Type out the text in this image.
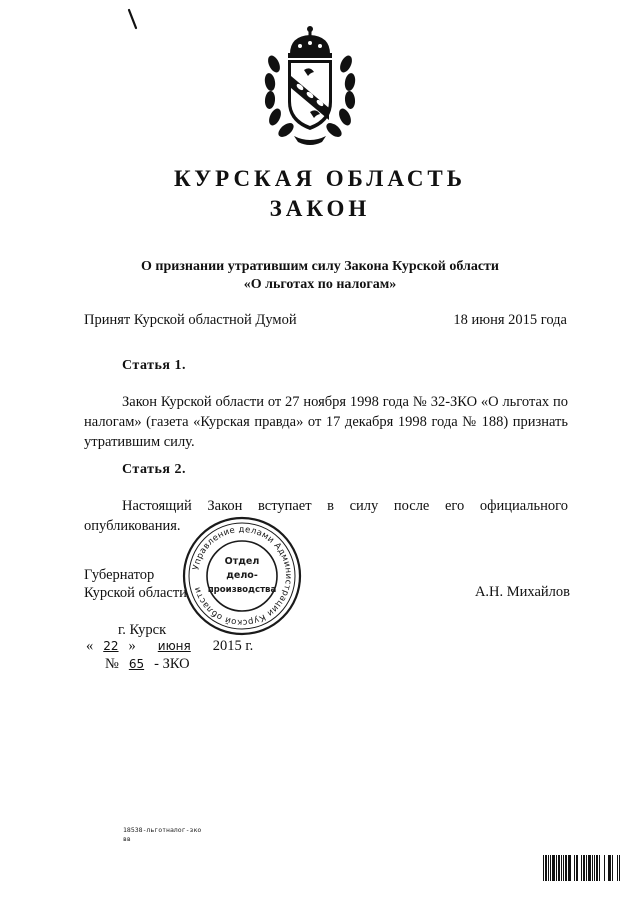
КУРСКАЯ ОБЛАСТЬ
ЗАКОН
О признании утратившим силу Закона Курской области
«О льготах по налогам»
Принят Курской областной Думой	18 июня 2015 года
Статья 1.
Закон Курской области от 27 ноября 1998 года № 32-ЗКО «О льготах по налогам» (газета «Курская правда» от 17 декабря 1998 года № 188) признать утратившим силу.
Статья 2.
Настоящий Закон вступает в силу после его официального опубликования.
Губернатор
Курской области	А.Н. Михайлов
Управление делами Администрации Курской области
Отдел
дело-
производства
г. Курск
« 22 » июня 2015 г.
№ 65 - ЗКО
18538-льготналог-зко
вв
